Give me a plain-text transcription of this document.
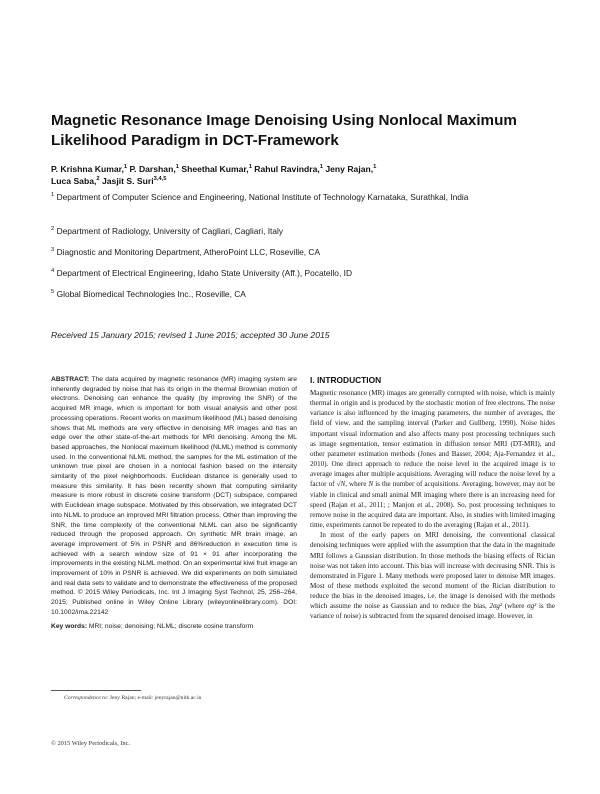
Magnetic Resonance Image Denoising Using Nonlocal Maximum Likelihood Paradigm in DCT-Framework
P. Krishna Kumar,$^1$ P. Darshan,$^1$ Sheethal Kumar,$^1$ Rahul Ravindra,$^1$ Jeny Rajan,$^1$
Luca Saba,$^2$ Jasjit S. Suri$^{3,4,5}$
$^1$ Department of Computer Science and Engineering, National Institute of Technology Karnataka, Surathkal, India
$^2$ Department of Radiology, University of Cagliari, Cagliari, Italy
$^3$ Diagnostic and Monitoring Department, AtheroPoint LLC, Roseville, CA
$^4$ Department of Electrical Engineering, Idaho State University (Aff.), Pocatello, ID
$^5$ Global Biomedical Technologies Inc., Roseville, CA
Received 15 January 2015; revised 1 June 2015; accepted 30 June 2015

ABSTRACT: The data acquired by magnetic resonance (MR) imaging system are inherently degraded by noise that has its origin in the thermal Brownian motion of electrons. Denoising can enhance the quality (by improving the SNR) of the acquired MR image, which is important for both visual analysis and other post processing operations. Recent works on maximum likelihood (ML) based denoising shows that ML methods are very effective in denoising MR images and has an edge over the other state-of-the-art methods for MRI denoising. Among the ML based approaches, the Nonlocal maximum likelihood (NLML) method is commonly used. In the conventional NLML method, the samples for the ML estimation of the unknown true pixel are chosen in a nonlocal fashion based on the intensity similarity of the pixel neighborhoods. Euclidean distance is generally used to measure this similarity. It has been recently shown that computing similarity measure is more robust in discrete cosine transform (DCT) subspace, compared with Euclidean image subspace. Motivated by this observation, we integrated DCT into NLML to produce an improved MRI filtration process. Other than improving the SNR, the time complexity of the conventional NLML can also be significantly reduced through the proposed approach. On synthetic MR brain image, an average improvement of 5% in PSNR and 86%reduction in execution time is achieved with a search window size of 91 × 91 after incorporating the improvements in the existing NLML method. On an experimental kiwi fruit image an improvement of 10% in PSNR is achieved. We did experiments on both simulated and real data sets to validate and to demonstrate the effectiveness of the proposed method. © 2015 Wiley Periodicals, Inc. Int J Imaging Syst Technol, 25, 256–264, 2015; Published online in Wiley Online Library (wileyonlinelibrary.com). DOI: 10.1002/ima.22142

Key words: MRI; noise; denoising; NLML; discrete cosine transform

Correspondence to: Jeny Rajan; e-mail: jenyrajan@nitk.ac.in
© 2015 Wiley Periodicals, Inc.
I. INTRODUCTION

Magnetic resonance (MR) images are generally corrupted with noise, which is mainly thermal in origin and is produced by the stochastic motion of free electrons. The noise variance is also influenced by the imaging parameters, the number of averages, the field of view, and the sampling interval (Parker and Gullberg, 1990). Noise hides important visual information and also affects many post processing techniques such as image segmentation, tensor estimation in diffusion tensor MRI (DT-MRI), and other parameter estimation methods (Jones and Basser, 2004; Aja-Fernandez et al., 2010). One direct approach to reduce the noise level in the acquired image is to average images after multiple acquisitions. Averaging will reduce the noise level by a factor of √N, where N is the number of acquisitions. Averaging, however, may not be viable in clinical and small animal MR imaging where there is an increasing need for speed (Rajan et al., 2011; ; Manjon et al., 2008). So, post processing techniques to remove noise in the acquired data are important. Also, in studies with limited imaging time, experiments cannot be repeated to do the averaging (Rajan et al., 2011).

In most of the early papers on MRI denoising, the conventional classical denoising techniques were applied with the assumption that the data in the magnitude MRI follows a Gaussian distribution. In those methods the biasing effects of Rician noise was not taken into account. This bias will increase with decreasing SNR. This is demonstrated in Figure 1. Many methods were proposed later to denoise MR images. Most of these methods exploited the second moment of the Rician distribution to reduce the bias in the denoised images, i.e. the image is denoised with the methods which assume the noise as Gaussian and to reduce the bias, 2σg² (where σg² is the variance of noise) is subtracted from the squared denoised image. However, in
